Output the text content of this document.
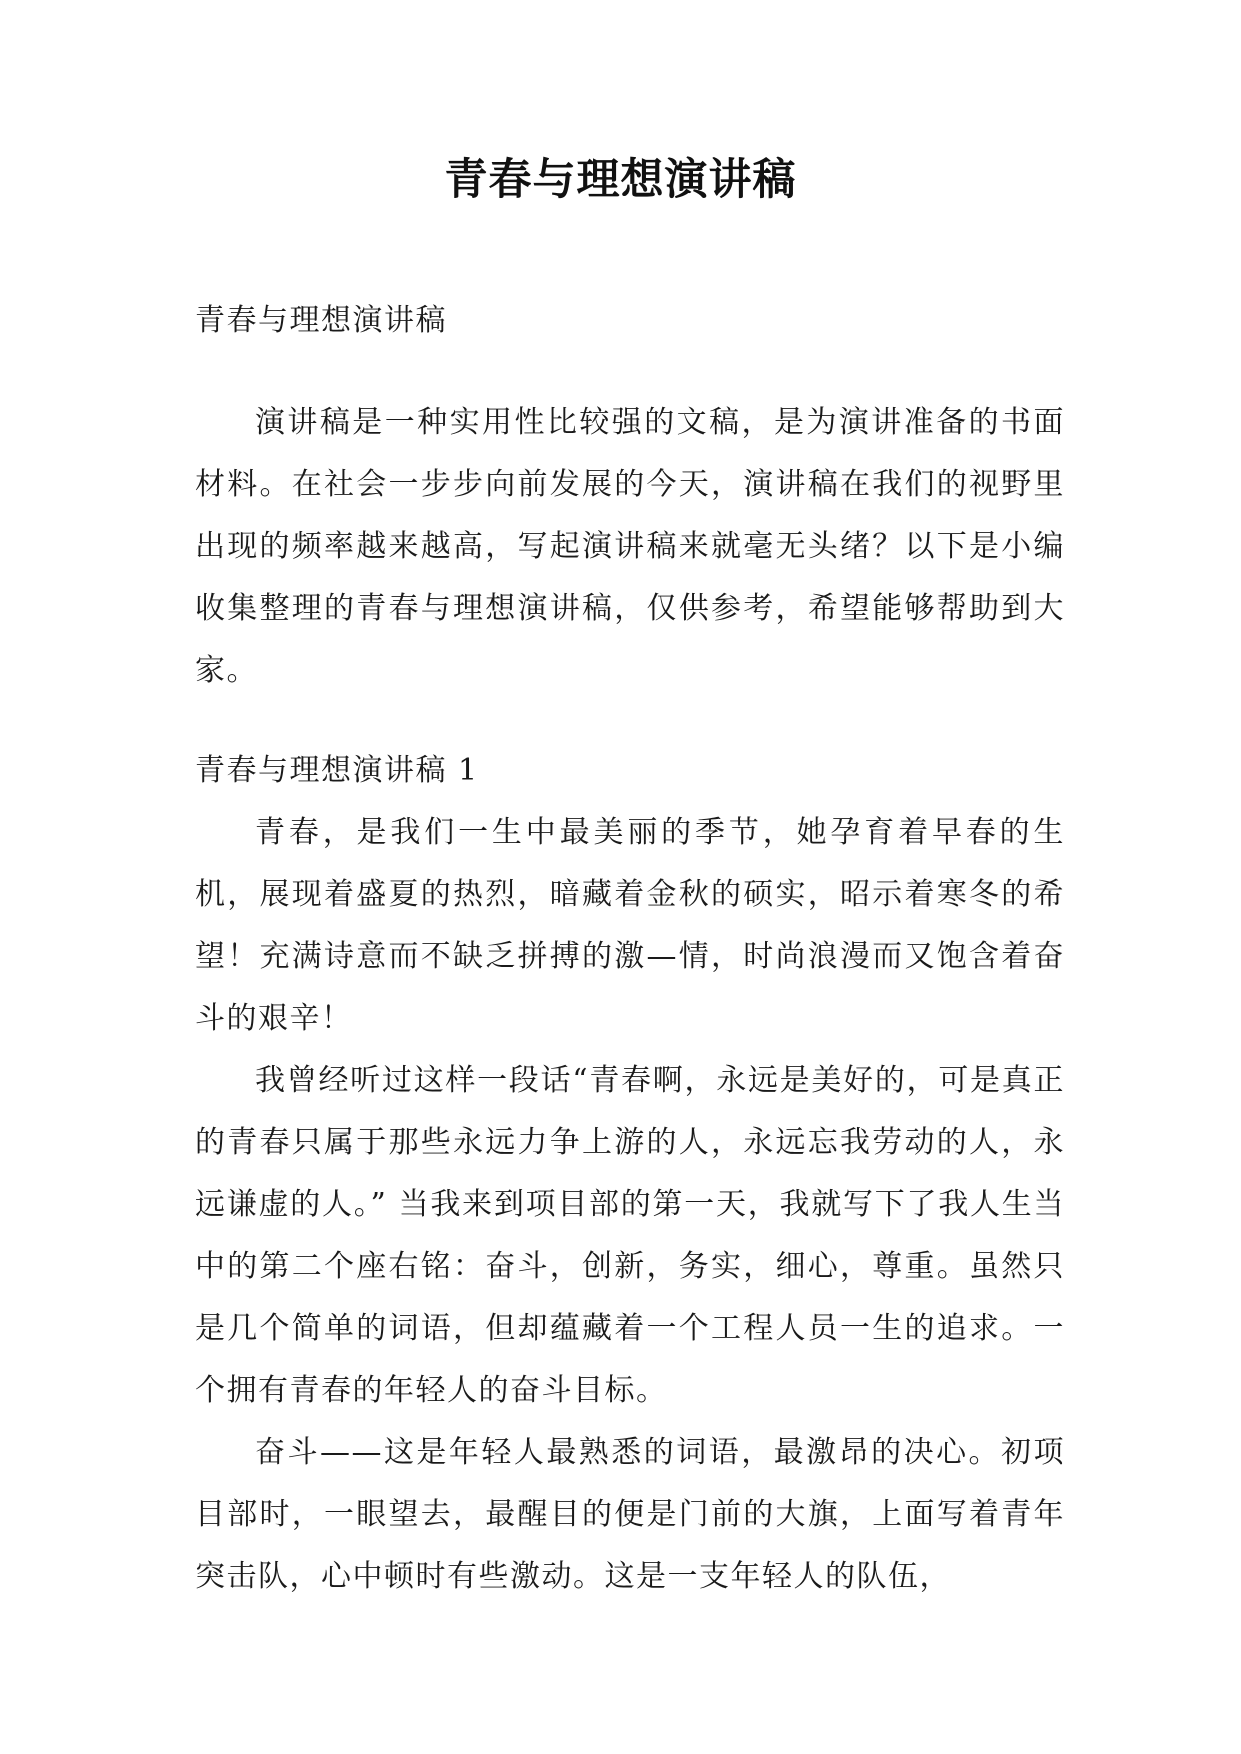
青春与理想演讲稿

青春与理想演讲稿

演讲稿是一种实用性比较强的文稿，是为演讲准备的书面材料。在社会一步步向前发展的今天，演讲稿在我们的视野里出现的频率越来越高，写起演讲稿来就毫无头绪？以下是小编收集整理的青春与理想演讲稿，仅供参考，希望能够帮助到大家。

青春与理想演讲稿 1

青春，是我们一生中最美丽的季节，她孕育着早春的生机，展现着盛夏的热烈，暗藏着金秋的硕实，昭示着寒冬的希望！充满诗意而不缺乏拼搏的激—情，时尚浪漫而又饱含着奋斗的艰辛！

我曾经听过这样一段话“青春啊，永远是美好的，可是真正的青春只属于那些永远力争上游的人，永远忘我劳动的人，永远谦虚的人。” 当我来到项目部的第一天，我就写下了我人生当中的第二个座右铭：奋斗，创新，务实，细心，尊重。虽然只是几个简单的词语，但却蕴藏着一个工程人员一生的追求。一个拥有青春的年轻人的奋斗目标。

奋斗——这是年轻人最熟悉的词语，最激昂的决心。初项目部时，一眼望去，最醒目的便是门前的大旗，上面写着青年突击队，心中顿时有些激动。这是一支年轻人的队伍，
